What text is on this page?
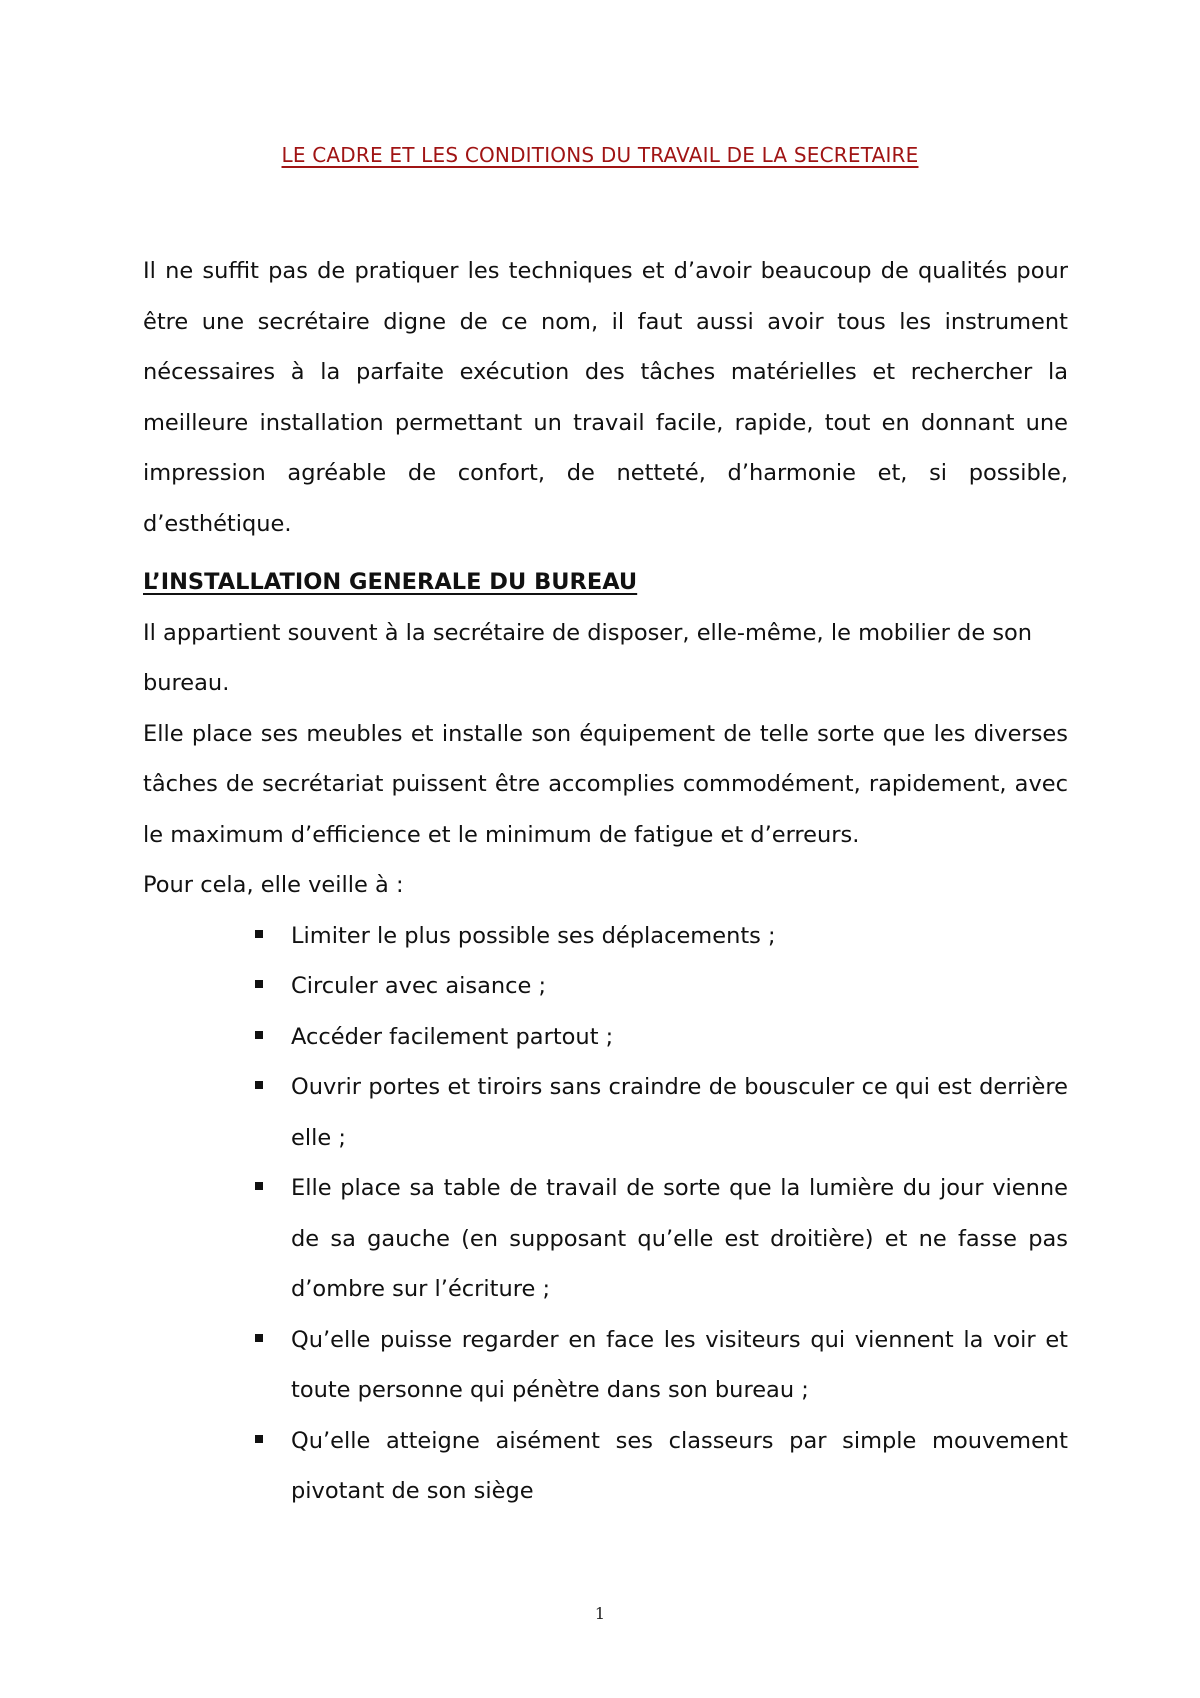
LE CADRE ET LES CONDITIONS DU TRAVAIL DE LA SECRETAIRE

Il ne suffit pas de pratiquer les techniques et d’avoir beaucoup de qualités pour être une secrétaire digne de ce nom, il faut aussi avoir tous les instrument nécessaires à la parfaite exécution des tâches matérielles et rechercher la meilleure installation permettant un travail facile, rapide, tout en donnant une impression agréable de confort, de netteté, d’harmonie et, si possible, d’esthétique.

L’INSTALLATION GENERALE DU BUREAU

Il appartient souvent à la secrétaire de disposer, elle-même, le mobilier de son bureau.

Elle place ses meubles et installe son équipement de telle sorte que les diverses tâches de secrétariat puissent être accomplies commodément, rapidement, avec le maximum d’efficience et le minimum de fatigue et d’erreurs.

Pour cela, elle veille à :

Limiter le plus possible ses déplacements ;
Circuler avec aisance ;
Accéder facilement partout ;
Ouvrir portes et tiroirs sans craindre de bousculer ce qui est derrière elle ;
Elle place sa table de travail de sorte que la lumière du jour vienne de sa gauche (en supposant qu’elle est droitière) et ne fasse pas d’ombre sur l’écriture ;
Qu’elle puisse regarder en face les visiteurs qui viennent la voir et toute personne qui pénètre dans son bureau ;
Qu’elle atteigne aisément ses classeurs par simple mouvement pivotant de son siège
1
